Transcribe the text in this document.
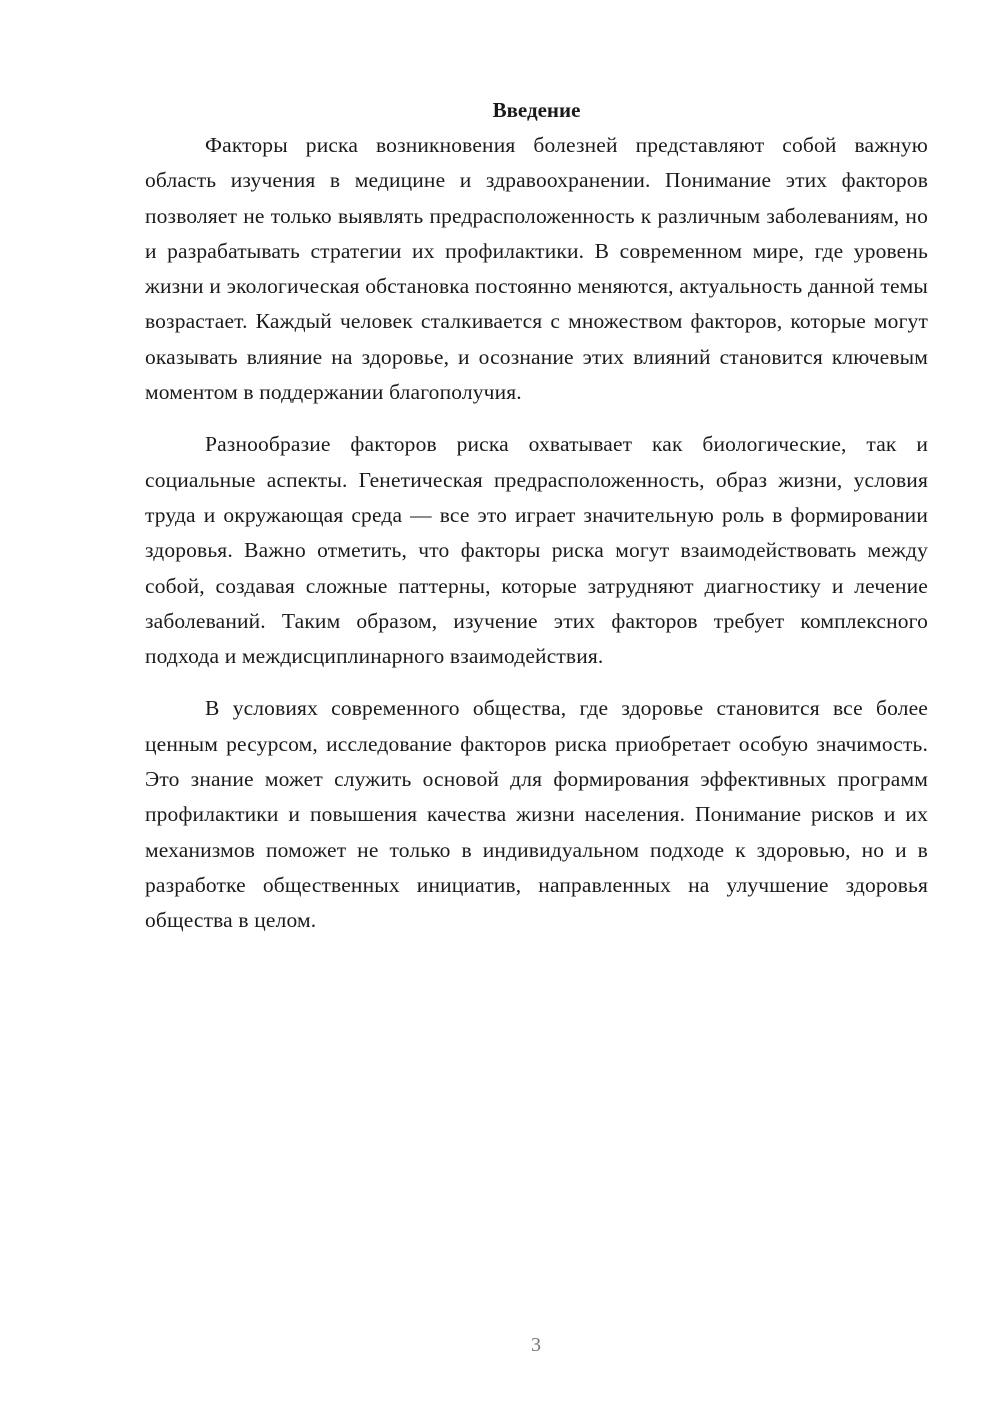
Введение

Факторы риска возникновения болезней представляют собой важную область изучения в медицине и здравоохранении. Понимание этих факторов позволяет не только выявлять предрасположенность к различным заболеваниям, но и разрабатывать стратегии их профилактики. В современном мире, где уровень жизни и экологическая обстановка постоянно меняются, актуальность данной темы возрастает. Каждый человек сталкивается с множеством факторов, которые могут оказывать влияние на здоровье, и осознание этих влияний становится ключевым моментом в поддержании благополучия.

Разнообразие факторов риска охватывает как биологические, так и социальные аспекты. Генетическая предрасположенность, образ жизни, условия труда и окружающая среда — все это играет значительную роль в формировании здоровья. Важно отметить, что факторы риска могут взаимодействовать между собой, создавая сложные паттерны, которые затрудняют диагностику и лечение заболеваний. Таким образом, изучение этих факторов требует комплексного подхода и междисциплинарного взаимодействия.

В условиях современного общества, где здоровье становится все более ценным ресурсом, исследование факторов риска приобретает особую значимость. Это знание может служить основой для формирования эффективных программ профилактики и повышения качества жизни населения. Понимание рисков и их механизмов поможет не только в индивидуальном подходе к здоровью, но и в разработке общественных инициатив, направленных на улучшение здоровья общества в целом.

3
